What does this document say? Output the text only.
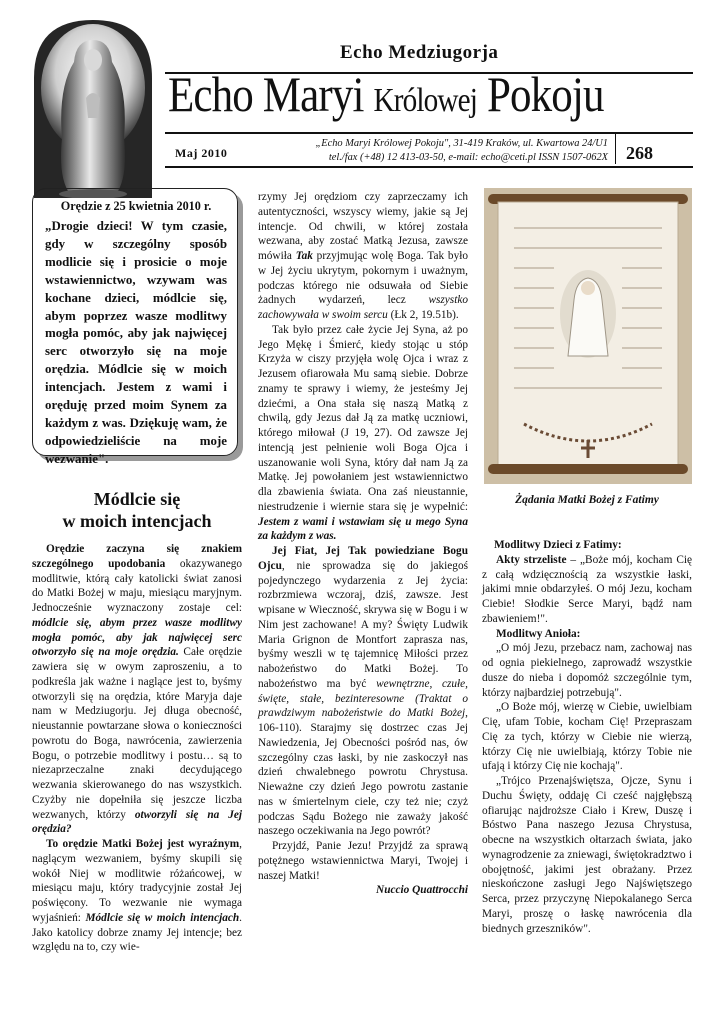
Echo Medziugorja
Echo Maryi Królowej Pokoju
Maj 2010
„Echo Maryi Królowej Pokoju", 31-419 Kraków, ul. Kwartowa 24/U1
tel./fax (+48) 12 413-03-50, e-mail: echo@ceti.pl ISSN 1507-062X 268
Orędzie z 25 kwietnia 2010 r.
„Drogie dzieci! W tym czasie, gdy w szczególny sposób modlicie się i prosicie o moje wstawiennictwo, wzywam was kochane dzieci, módlcie się, abym poprzez wasze modlitwy mogła pomóc, aby jak najwięcej serc otworzyło się na moje orędzia. Módlcie się w moich intencjach. Jestem z wami i oręduję przed moim Synem za każdym z was. Dziękuję wam, że odpowiedzieliście na moje wezwanie".
Módlcie się
w moich intencjach

Orędzie zaczyna się znakiem szczególnego upodobania okazywanego modlitwie, którą cały katolicki świat zanosi do Matki Bożej w maju, miesiącu maryjnym. Jednocześnie wyznaczony zostaje cel: módlcie się, abym przez wasze modlitwy mogła pomóc, aby jak najwięcej serc otworzyło się na moje orędzia. Całe orędzie zawiera się w owym zaproszeniu, a to podkreśla jak ważne i naglące jest to, byśmy otworzyli się na orędzia, które Maryja daje nam w Medziugorju. Jej długa obecność, nieustannie powtarzane słowa o konieczności powrotu do Boga, nawrócenia, zawierzenia Bogu, o potrzebie modlitwy i postu… są to niezaprzeczalne znaki decydującego wezwania skierowanego do nas wszystkich. Czyżby nie dopełniła się jeszcze liczba wezwanych, którzy otworzyli się na Jej orędzia?

To orędzie Matki Bożej jest wyraźnym, naglącym wezwaniem, byśmy skupili się wokół Niej w modlitwie różańcowej, w miesiącu maju, który tradycyjnie został Jej poświęcony. To wezwanie nie wymaga wyjaśnień: Módlcie się w moich intencjach. Jako katolicy dobrze znamy Jej intencje; bez względu na to, czy wie-

rzymy Jej orędziom czy zaprzeczamy ich autentyczności, wszyscy wiemy, jakie są Jej intencje. Od chwili, w której została wezwana, aby zostać Matką Jezusa, zawsze mówiła Tak przyjmując wolę Boga. Tak było w Jej życiu ukrytym, pokornym i uważnym, podczas którego nie odsuwała od Siebie żadnych wydarzeń, lecz wszystko zachowywała w swoim sercu (Łk 2, 19.51b).

Tak było przez całe życie Jej Syna, aż po Jego Mękę i Śmierć, kiedy stojąc u stóp Krzyża w ciszy przyjęła wolę Ojca i wraz z Jezusem ofiarowała Mu samą siebie. Dobrze znamy te sprawy i wiemy, że jesteśmy Jej dziećmi, a Ona stała się naszą Matką z chwilą, gdy Jezus dał Ją za matkę uczniowi, którego miłował (J 19, 27). Od zawsze Jej intencją jest pełnienie woli Boga Ojca i uszanowanie woli Syna, który dał nam Ją za Matkę. Jej powołaniem jest wstawiennictwo dla zbawienia świata. Ona zaś nieustannie, niestrudzenie i wiernie stara się je wypełnić: Jestem z wami i wstawiam się u mego Syna za każdym z was.

Jej Fiat, Jej Tak powiedziane Bogu Ojcu, nie sprowadza się do jakiegoś pojedynczego wydarzenia z Jej życia: rozbrzmiewa wczoraj, dziś, zawsze. Jest wpisane w Wieczność, skrywa się w Bogu i w Nim jest zachowane! A my? Święty Ludwik Maria Grignon de Montfort zaprasza nas, byśmy weszli w tę tajemnicę Miłości przez nabożeństwo do Matki Bożej. To nabożeństwo ma być wewnętrzne, czułe, święte, stałe, bezinteresowne (Traktat o prawdziwym nabożeństwie do Matki Bożej, 106-110). Starajmy się dostrzec czas Jej Nawiedzenia, Jej Obecności pośród nas, ów szczególny czas łaski, by nie zaskoczył nas dzień chwalebnego powrotu Chrystusa. Nieważne czy dzień Jego powrotu zastanie nas w śmiertelnym ciele, czy też nie; czyż podczas Sądu Bożego nie zaważy jakość naszego oczekiwania na Jego powrót?

Przyjdź, Panie Jezu! Przyjdź za sprawą potężnego wstawiennictwa Maryi, Twojej i naszej Matki!

Nuccio Quattrocchi

Żądania Matki Bożej z Fatimy

Modlitwy Dzieci z Fatimy:

Akty strzeliste – „Boże mój, kocham Cię z całą wdzięcznością za wszystkie łaski, jakimi mnie obdarzyłeś. O mój Jezu, kocham Ciebie! Słodkie Serce Maryi, bądź nam zbawieniem!".

Modlitwy Anioła:

„O mój Jezu, przebacz nam, zachowaj nas od ognia piekielnego, zaprowadź wszystkie dusze do nieba i dopomóż szczególnie tym, którzy najbardziej potrzebują".

„O Boże mój, wierzę w Ciebie, uwielbiam Cię, ufam Tobie, kocham Cię! Przepraszam Cię za tych, którzy w Ciebie nie wierzą, którzy Cię nie uwielbiają, którzy Tobie nie ufają i którzy Cię nie kochają".

„Trójco Przenajświętsza, Ojcze, Synu i Duchu Święty, oddaję Ci cześć najgłębszą ofiarując najdroższe Ciało i Krew, Duszę i Bóstwo Pana naszego Jezusa Chrystusa, obecne na wszystkich ołtarzach świata, jako wynagrodzenie za zniewagi, świętokradztwo i obojętność, jakimi jest obrażany. Przez nieskończone zasługi Jego Najświętszego Serca, przez przyczynę Niepokalanego Serca Maryi, proszę o łaskę nawrócenia dla biednych grzeszników".
